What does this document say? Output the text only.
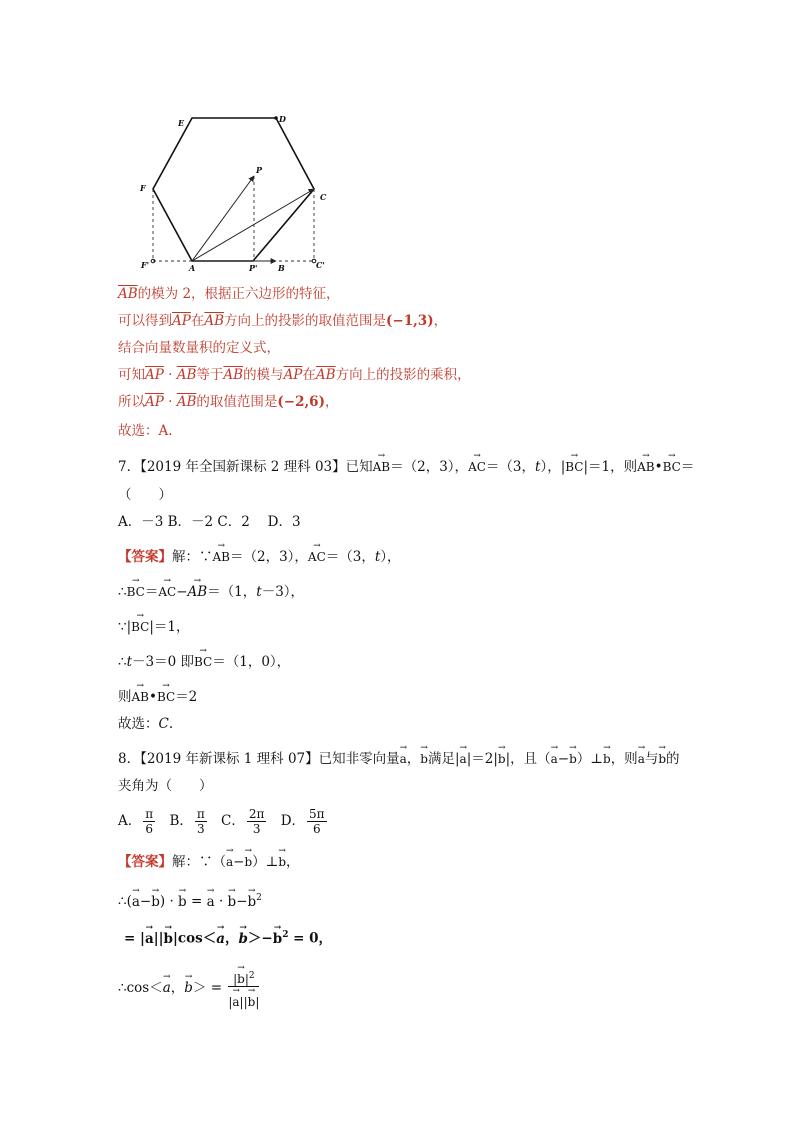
E	D
F
C
P
F'	A	P'	B	C'
$\overline{AB}$的模为 2，根据正六边形的特征，
可以得到$\overline{AP}$在$\overline{AB}$方向上的投影的取值范围是(−1,3)，
结合向量数量积的定义式，
可知$\overline{AP} \cdot \overline{AB}$等于$\overline{AB}$的模与$\overline{AP}$在$\overline{AB}$方向上的投影的乘积，
所以$\overline{AP} \cdot \overline{AB}$的取值范围是(−2,6)，
故选：A.
7．【2019 年全国新课标 2 理科 03】已知→ AB＝（2，3），→ AC＝（3，t），|→ BC|＝1，则→ AB•→ BC＝
（　　）
A．－3 B．－2 C．2 　D．3
【答案】解：∵→ AB＝（2，3），→ AC＝（3，t），
∴→ BC＝→ AC−→ AB＝（1，t－3），
∵|→ BC|＝1，
∴t－3＝0 即→ BC＝（1，0），
则→ AB•→ BC＝2
故选：C.
8．【2019 年新课标 1 理科 07】已知非零向量→ a，→ b满足|→ a|＝2|→ b|，且（→ a−→ b）⊥→ b，则→ a与→ b的
夹角为（　　）
A． $\frac{\pi}{6}$ B． $\frac{\pi}{3}$ C． $\frac{2\pi}{3}$ D． $\frac{5\pi}{6}$
【答案】解：∵（→ a−→ b）⊥→ b，
∴(→ a−→ b) · → b = → a · → $b-\to b^2$
= |→ a||→ b|cos＜→ a，→ $b>-\to b^2 = 0$，
∴cos＜→ a，→ $b> = \frac{|\to b|^2}{|\to a||\to b|}$
